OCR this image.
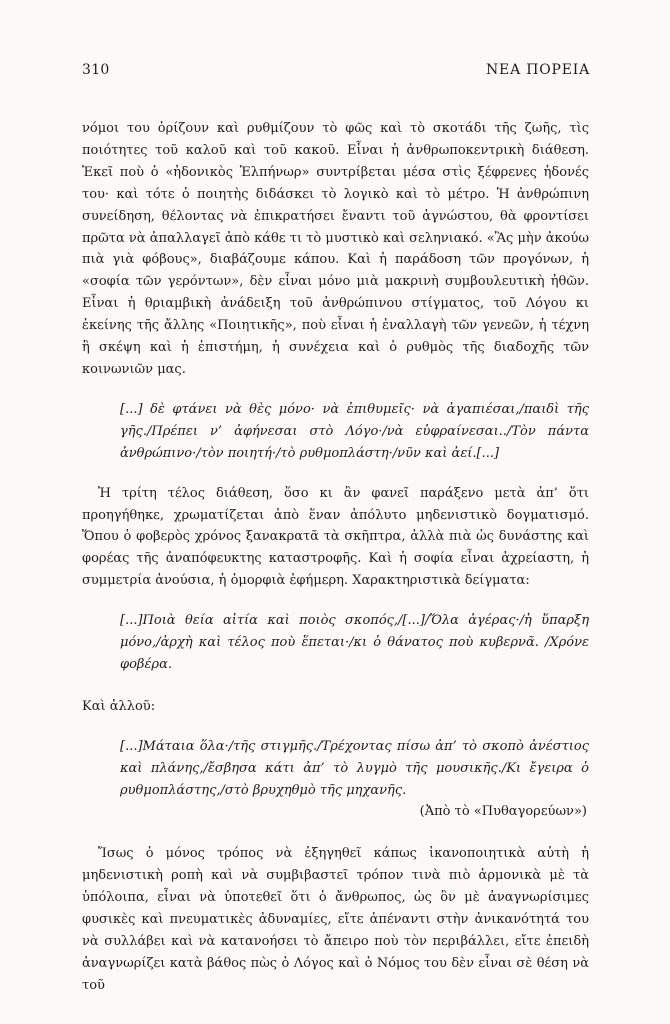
310	ΝΕΑ ΠΟΡΕΙΑ

νόμοι του ὁρίζουν καὶ ρυθμίζουν τὸ φῶς καὶ τὸ σκοτάδι τῆς ζωῆς, τὶς ποιότητες τοῦ καλοῦ καὶ τοῦ κακοῦ. Εἶναι ἡ ἀνθρωποκεντρικὴ διάθεση. Ἐκεῖ ποὺ ὁ «ἡδονικὸς Ἐλπήνωρ» συντρίβεται μέσα στὶς ξέφρενες ἡδονές του· καὶ τότε ὁ ποιητὴς διδάσκει τὸ λογικὸ καὶ τὸ μέτρο. Ἡ ἀνθρώπινη συνείδηση, θέλοντας νὰ ἐπικρατήσει ἔναντι τοῦ ἀγνώστου, θὰ φροντίσει πρῶτα νὰ ἀπαλλαγεῖ ἀπὸ κάθε τι τὸ μυστικὸ καὶ σεληνιακό. «Ἂς μὴν ἀκούω πιὰ γιὰ φόβους», διαβάζουμε κάπου. Καὶ ἡ παράδοση τῶν προγόνων, ἡ «σοφία τῶν γερόντων», δὲν εἶναι μόνο μιὰ μακρινὴ συμβουλευτικὴ ἠθῶν. Εἶναι ἡ θριαμβικὴ ἀνάδειξη τοῦ ἀνθρώπινου στίγματος, τοῦ Λόγου κι ἐκείνης τῆς ἄλλης «Ποιητικῆς», ποὺ εἶναι ἡ ἐναλλαγὴ τῶν γενεῶν, ἡ τέχνη ἢ σκέψη καὶ ἡ ἐπιστήμη, ἡ συνέχεια καὶ ὁ ρυθμὸς τῆς διαδοχῆς τῶν κοινωνιῶν μας.

[...] δὲ φτάνει νὰ θὲς μόνο· νὰ ἐπιθυμεῖς· νὰ ἀγαπιέσαι,/παιδὶ τῆς γῆς./Πρέπει ν’ ἀφήνεσαι στὸ Λόγο·/νὰ εὐφραίνεσαι../Τὸν πάντα ἀνθρώπινο·/τὸν ποιητή·/τὸ ρυθμοπλάστη·/νῦν καὶ ἀεί.[...]

Ἡ τρίτη τέλος διάθεση, ὅσο κι ἂν φανεῖ παράξενο μετὰ ἀπ’ ὅτι προηγήθηκε, χρωματίζεται ἀπὸ ἕναν ἀπόλυτο μηδενιστικὸ δογματισμό. Ὅπου ὁ φοβερὸς χρόνος ξανακρατᾶ τὰ σκῆπτρα, ἀλλὰ πιὰ ὡς δυνάστης καὶ φορέας τῆς ἀναπόφευκτης καταστροφῆς. Καὶ ἡ σοφία εἶναι ἀχρείαστη, ἡ συμμετρία ἀνούσια, ἡ ὀμορφιὰ ἐφήμερη. Χαρακτηριστικὰ δείγματα:

[...]Ποιὰ θεία αἰτία καὶ ποιὸς σκοπός,/[...]/Ὅλα ἀγέρας·/ἡ ὕπαρξη μόνο,/ἀρχὴ καὶ τέλος ποὺ ἕπεται·/κι ὁ θάνατος ποὺ κυβερνᾶ. /Χρόνε φοβέρα.

Καὶ ἀλλοῦ:

[...]Μάταια ὅλα·/τῆς στιγμῆς./Τρέχοντας πίσω ἀπ’ τὸ σκοπὸ ἀνέστιος καὶ πλάνης,/ἔσβησα κάτι ἀπ’ τὸ λυγμὸ τῆς μουσικῆς./Κι ἔγειρα ὁ ρυθμοπλάστης,/στὸ βρυχηθμὸ τῆς μηχανῆς.

(Ἀπὸ τὸ «Πυθαγορεύων»)

Ἴσως ὁ μόνος τρόπος νὰ ἐξηγηθεῖ κάπως ἱκανοποιητικὰ αὐτὴ ἡ μηδενιστικὴ ροπὴ καὶ νὰ συμβιβαστεῖ τρόπον τινὰ πιὸ ἁρμονικὰ μὲ τὰ ὑπόλοιπα, εἶναι νὰ ὑποτεθεῖ ὅτι ὁ ἄνθρωπος, ὡς ὂν μὲ ἀναγνωρίσιμες φυσικὲς καὶ πνευματικὲς ἀδυναμίες, εἴτε ἀπέναντι στὴν ἀνικανότητά του νὰ συλλάβει καὶ νὰ κατανοήσει τὸ ἄπειρο ποὺ τὸν περιβάλλει, εἴτε ἐπειδὴ ἀναγνωρίζει κατὰ βάθος πὼς ὁ Λόγος καὶ ὁ Νόμος του δὲν εἶναι σὲ θέση νὰ τοῦ
